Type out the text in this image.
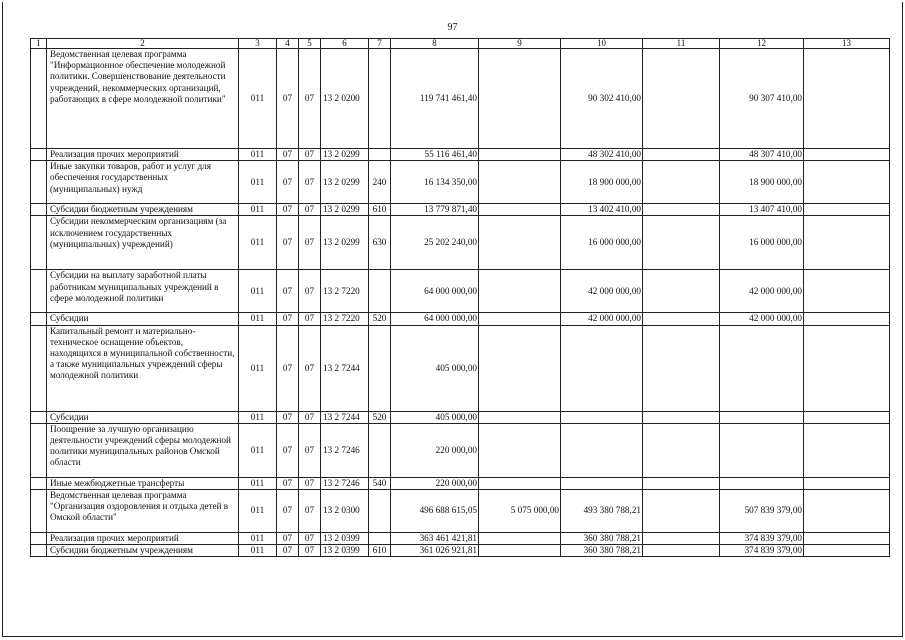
97
1	2	3	4	5	6	7	8	9	10	11	12	13
	Ведомственная целевая программа "Информационное обеспечение молодежной политики. Совершенствование деятельности учреждений, некоммерческих организаций, работающих в сфере молодежной политики"	011	07	07	13 2 0200		119 741 461,40		90 302 410,00		90 307 410,00	
	Реализация прочих мероприятий	011	07	07	13 2 0299		55 116 461,40		48 302 410,00		48 307 410,00	
	Иные закупки товаров, работ и услуг для обеспечения государственных (муниципальных) нужд	011	07	07	13 2 0299	240	16 134 350,00		18 900 000,00		18 900 000,00	
	Субсидии бюджетным учреждениям	011	07	07	13 2 0299	610	13 779 871,40		13 402 410,00		13 407 410,00	
	Субсидии некоммерческим организациям (за исключением государственных (муниципальных) учреждений)	011	07	07	13 2 0299	630	25 202 240,00		16 000 000,00		16 000 000,00	
	Субсидии на выплату заработной платы работникам муниципальных учреждений в сфере молодежной политики	011	07	07	13 2 7220		64 000 000,00		42 000 000,00		42 000 000,00	
	Субсидии	011	07	07	13 2 7220	520	64 000 000,00		42 000 000,00		42 000 000,00	
	Капитальный ремонт и материально-техническое оснащение объектов, находящихся в муниципальной собственности, а также муниципальных учреждений сферы молодежной политики	011	07	07	13 2 7244		405 000,00					
	Субсидии	011	07	07	13 2 7244	520	405 000,00					
	Поощрение за лучшую организацию деятельности учреждений сферы молодежной политики муниципальных районов Омской области	011	07	07	13 2 7246		220 000,00					
	Иные межбюджетные трансферты	011	07	07	13 2 7246	540	220 000,00					
	Ведомственная целевая программа "Организация оздоровления и отдыха детей в Омской области"	011	07	07	13 2 0300		496 688 615,05	5 075 000,00	493 380 788,21		507 839 379,00	
	Реализация прочих мероприятий	011	07	07	13 2 0399		363 461 421,81		360 380 788,21		374 839 379,00	
	Субсидии бюджетным учреждениям	011	07	07	13 2 0399	610	361 026 921,81		360 380 788,21		374 839 379,00	
